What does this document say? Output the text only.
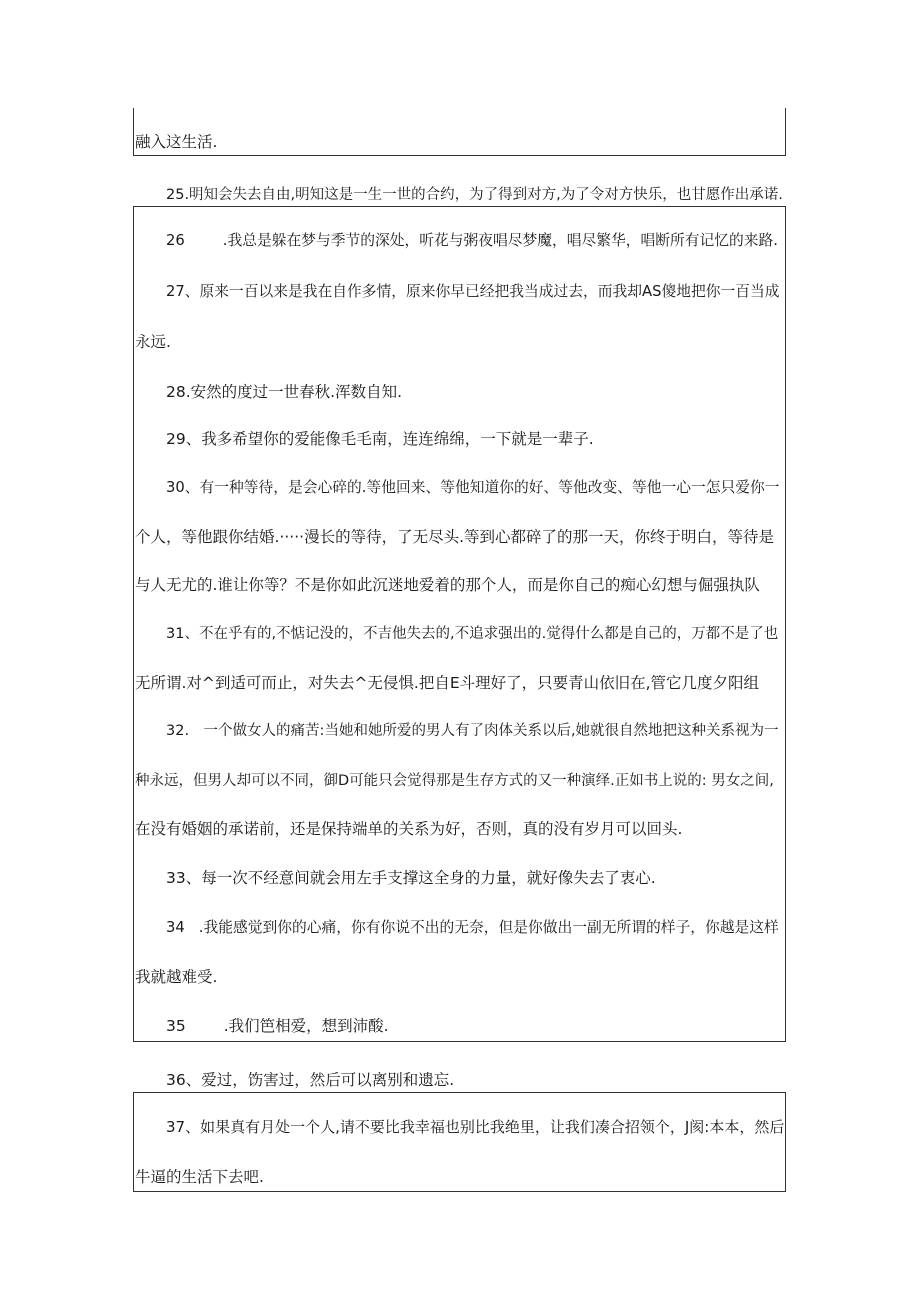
融入这生活.
25.明知会失去自由,明知这是一生一世的合约，为了得到对方,为了令对方快乐，也甘愿作出承诺.
26	.我总是躲在梦与季节的深处，听花与粥夜唱尽梦魔，唱尽繁华，唱断所有记忆的来路.
27、原来一百以来是我在自作多情，原来你早已经把我当成过去，而我却AS傻地把你一百当成
永远.
28.安然的度过一世春秋.浑数自知.
29、我多希望你的爱能像毛毛南，连连绵绵，一下就是一辈子.
30、有一种等待，是会心碎的.等他回来、等他知道你的好、等他改变、等他一心一怎只爱你一
个人，等他跟你结婚.·····漫长的等待，了无尽头.等到心都碎了的那一天，你终于明白，等待是
与人无尤的.谁让你等？不是你如此沉迷地爱着的那个人，而是你自己的痴心幻想与倔强执队
31、不在乎有的,不惦记没的，不吉他失去的,不追求强出的.觉得什么都是自己的，万都不是了也
无所谓.对^到适可而止，对失去^无侵惧.把自E斗理好了，只要青山依旧在,管它几度夕阳组
32.　一个做女人的痛苦:当她和她所爱的男人有了肉体关系以后,她就很自然地把这种关系视为一
种永远，但男人却可以不同，御D可能只会觉得那是生存方式的又一种演绎.正如书上说的: 男女之间,
在没有婚姻的承诺前，还是保持端单的关系为好，否则，真的没有岁月可以回头.
33、每一次不经意间就会用左手支撑这全身的力量，就好像失去了衷心.
34 .我能感觉到你的心痛，你有你说不出的无奈，但是你做出一副无所谓的样子，你越是这样
我就越难受.
35 .我们笆相爱，想到沛酸.
36、爱过，饬害过，然后可以离别和遗忘.
37、如果真有月处一个人,请不要比我幸福也别比我绝里，让我们凑合招领个，J阂:本本，然后
牛逼的生活下去吧.
